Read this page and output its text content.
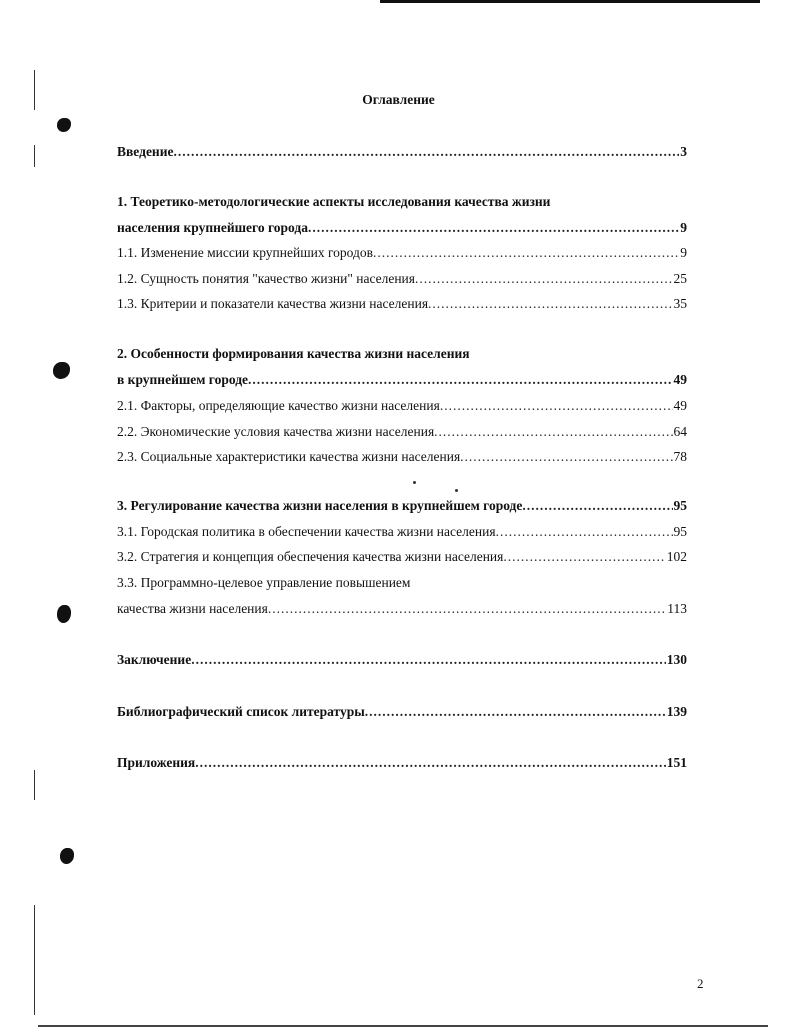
Оглавление
Введение .....	3
1. Теоретико-методологические аспекты исследования качества жизни
населения крупнейшего города .....	9
1.1. Изменение миссии крупнейших городов .....	9
1.2. Сущность понятия "качество жизни" населения .....	25
1.3. Критерии и показатели качества жизни населения .....	35
2. Особенности формирования качества жизни населения
в крупнейшем городе .....	49
2.1. Факторы, определяющие качество жизни населения .....	49
2.2. Экономические условия качества жизни населения .....	64
2.3. Социальные характеристики качества жизни населения .....	78
3. Регулирование качества жизни населения в крупнейшем городе .....	95
3.1. Городская политика в обеспечении качества жизни населения .....	95
3.2. Стратегия и концепция обеспечения качества жизни населения .....	102
3.3. Программно-целевое управление повышением
качества жизни населения .....	113
Заключение .....	130
Библиографический список литературы .....	139
Приложения .....	151
2
